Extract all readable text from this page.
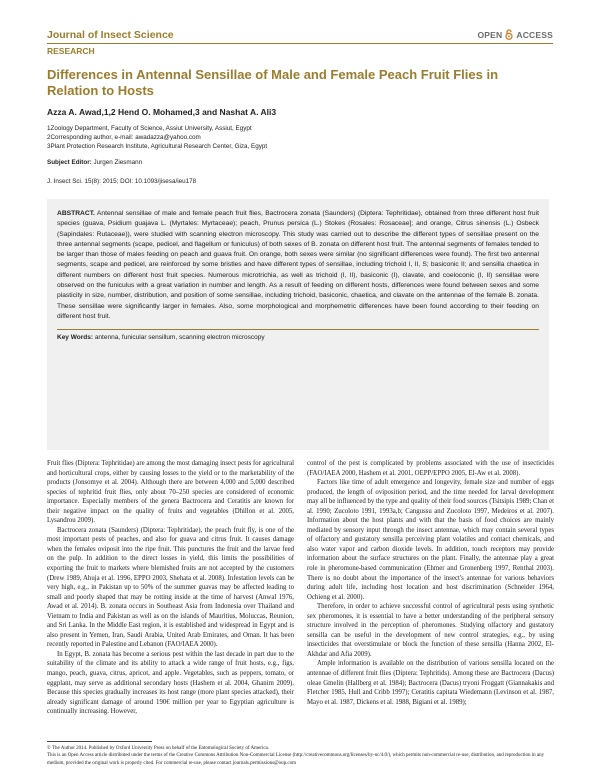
Journal of Insect Science	OPEN ACCESS
RESEARCH
Differences in Antennal Sensillae of Male and Female Peach Fruit Flies in Relation to Hosts
Azza A. Awad,1,2 Hend O. Mohamed,3 and Nashat A. Ali3
1Zoology Department, Faculty of Science, Assiut University, Assiut, Egypt
2Corresponding author, e-mail: awadazza@yahoo.com
3Plant Protection Research Institute, Agricultural Research Center, Giza, Egypt
Subject Editor: Jurgen Ziesmann
J. Insect Sci. 15(8): 2015; DOI: 10.1093/jisesa/ieu178

ABSTRACT. Antennal sensillae of male and female peach fruit flies, Bactrocera zonata (Saunders) (Diptera: Tephritidae), obtained from three different host fruit species (guava, Psidium guajava L. (Myrtales: Myrtaceae); peach, Prunus persica (L.) Stokes (Rosales: Rosaceae]; and orange, Citrus sinensis (L.) Osbeck (Sapindales: Rutaceae)), were studied with scanning electron microscopy. This study was carried out to describe the different types of sensillae present on the three antennal segments (scape, pedicel, and flagellum or funiculus) of both sexes of B. zonata on different host fruit. The antennal segments of females tended to be larger than those of males feeding on peach and guava fruit. On orange, both sexes were similar (no significant differences were found). The first two antennal segments, scape and pedicel, are reinforced by some bristles and have different types of sensillae, including trichoid I, II, S; basiconic II; and sensilla chaetica in different numbers on different host fruit species. Numerous microtrichia, as well as trichoid (I, II), basiconic (I), clavate, and coeloconic (I, II) sensillae were observed on the funiculus with a great variation in number and length. As a result of feeding on different hosts, differences were found between sexes and some plasticity in size, number, distribution, and position of some sensillae, including trichoid, basiconic, chaetica, and clavate on the antennae of the female B. zonata. These sensillae were significantly larger in females. Also, some morphological and morphemetric differences have been found according to their feeding on different host fruit.

Key Words: antenna, funicular sensillum, scanning electron microscopy

Fruit flies (Diptera: Tephritidae) are among the most damaging insect pests for agricultural and horticultural crops, either by causing losses to the yield or to the marketability of the products (Jonsomye et al. 2004). Although there are between 4,000 and 5,000 described species of tephritid fruit flies, only about 70–250 species are considered of economic importance. Especially members of the genera Bactrocera and Ceratitis are known for their negative impact on the quality of fruits and vegetables (Dhillon et al. 2005, Lysandrou 2009).

Bactrocera zonata (Saunders) (Diptera: Tephritidae), the peach fruit fly, is one of the most important pests of peaches, and also for guava and citrus fruit. It causes damage when the females oviposit into the ripe fruit. This punctures the fruit and the larvae feed on the pulp. In addition to the direct losses in yield, this limits the possibilities of exporting the fruit to markets where blemished fruits are not accepted by the customers (Drew 1989, Ahuja et al. 1996, EPPO 2003, Shehata et al. 2008). Infestation levels can be very high, e.g., in Pakistan up to 50% of the summer guavas may be affected leading to small and poorly shaped that may be rotting inside at the time of harvest (Anwal 1976, Awad et al. 2014). B. zonata occurs in Southeast Asia from Indonesia over Thailand and Vietnam to India and Pakistan as well as on the islands of Mauritius, Moluccas, Reunion, and Sri Lanka. In the Middle East region, it is established and widespread in Egypt and is also present in Yemen, Iran, Saudi Arabia, United Arab Emirates, and Oman. It has been recently reported in Palestine and Lebanon (FAO/IAEA 2000).

In Egypt, B. zonata has become a serious pest within the last decade in part due to the suitability of the climate and its ability to attack a wide range of fruit hosts, e.g., figs, mango, peach, guava, citrus, apricot, and apple. Vegetables, such as peppers, tomato, or eggplant, may serve as additional secondary hosts (Hashem et al. 2004, Ghanim 2009). Because this species gradually increases its host range (more plant species attacked), their already significant damage of around 190€ million per year to Egyptian agriculture is continually increasing. However,

control of the pest is complicated by problems associated with the use of insecticides (FAO/IAEA 2000, Hashem et al. 2001, OEPP/EPPO 2005, El-Aw et al. 2008).

Factors like time of adult emergence and longevity, female size and number of eggs produced, the length of oviposition period, and the time needed for larval development may all be influenced by the type and quality of their food sources (Tsitsipis 1989; Chan et al. 1990; Zucoloto 1991, 1993a,b; Cangussu and Zucoloto 1997, Medeiros et al. 2007). Information about the host plants and with that the basis of food choices are mainly mediated by sensory input through the insect antennae, which may contain several types of olfactory and gustatory sensilla perceiving plant volatiles and contact chemicals, and also water vapor and carbon dioxide levels. In addition, touch receptors may provide information about the surface structures on the plant. Finally, the antennae play a great role in pheromone-based communication (Ehmer and Gronenberg 1997, Renthal 2003). There is no doubt about the importance of the insect's antennae for various behaviors during adult life, including host location and host discrimination (Schneider 1964, Ochieng et al. 2000).

Therefore, in order to achieve successful control of agricultural pests using synthetic sex pheromones, it is essential to have a better understanding of the peripheral sensory structure involved in the perception of pheromones. Studying olfactory and gustatory sensilla can be useful in the development of new control strategies, e.g., by using insecticides that overstimulate or block the function of these sensilla (Hanna 2002, El-Akhdar and Afia 2009).

Ample information is available on the distribution of various sensilla located on the antennae of different fruit flies (Diptera: Tephritids). Among these are Bactrocera (Dacus) oleae Gmelin (Hallberg et al. 1984); Bactrocera (Dacus) tryoni Froggatt (Giannakakis and Fletcher 1985, Hull and Cribb 1997); Ceratitis capitata Wiedemann (Levinson et al. 1987, Mayo et al. 1987, Dickens et al. 1988, Bigiani et al. 1989);

© The Author 2014. Published by Oxford University Press on behalf of the Entomological Society of America.
This is an Open Access article distributed under the terms of the Creative Commons Attribution Non-Commercial License (http://creativecommons.org/licenses/by-nc/4.0/), which permits non-commercial re-use, distribution, and reproduction in any medium, provided the original work is properly cited. For commercial re-use, please contact journals.permissions@oup.com
